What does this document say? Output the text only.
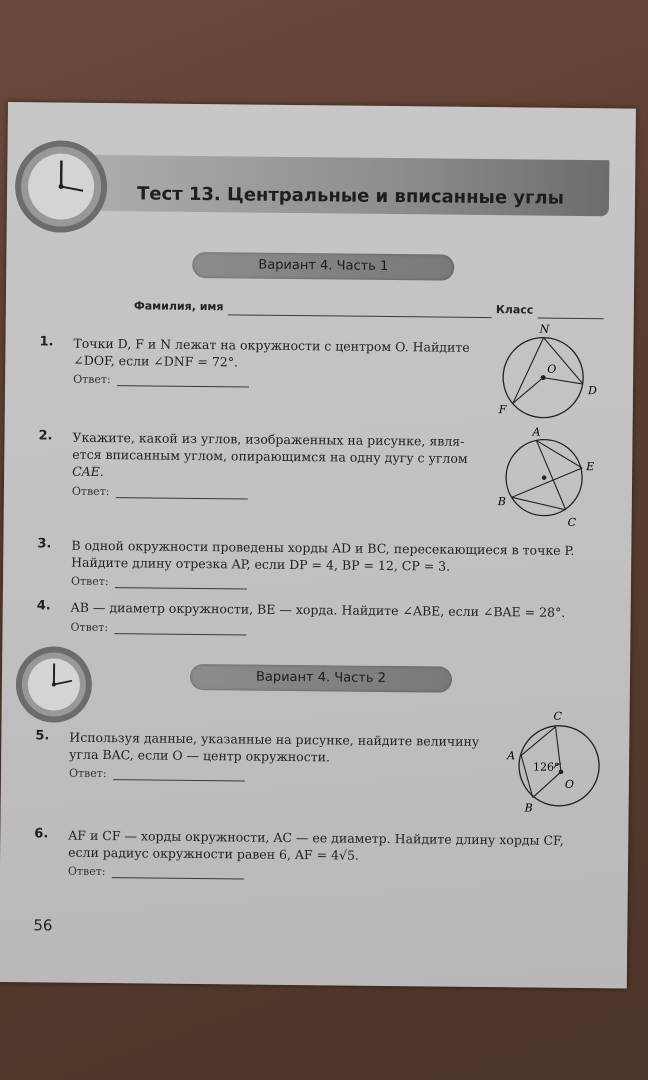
Тест 13. Центральные и вписанные углы
Вариант 4. Часть 1
Фамилия, имя	Класс
1. Точки D, F и N лежат на окружности с центром O. Найдите
∠DOF, если ∠DNF = 72°.
Ответ:
N
O
D
F
2. Укажите, какой из углов, изображенных на рисунке, явля-
ется вписанным углом, опирающимся на одну дугу с углом
CAE.
Ответ:
A
E
B
C
3. В одной окружности проведены хорды AD и BC, пересекающиеся в точке P.
Найдите длину отрезка AP, если DP = 4, BP = 12, CP = 3.
Ответ:
4. AB — диаметр окружности, BE — хорда. Найдите ∠ABE, если ∠BAE = 28°.
Ответ:
Вариант 4. Часть 2
5. Используя данные, указанные на рисунке, найдите величину
угла BAC, если O — центр окружности.
Ответ:
C
A
126°
O
B
6. AF и CF — хорды окружности, AC — ее диаметр. Найдите длину хорды CF,
если радиус окружности равен 6, AF = 4√5.
Ответ:
56
